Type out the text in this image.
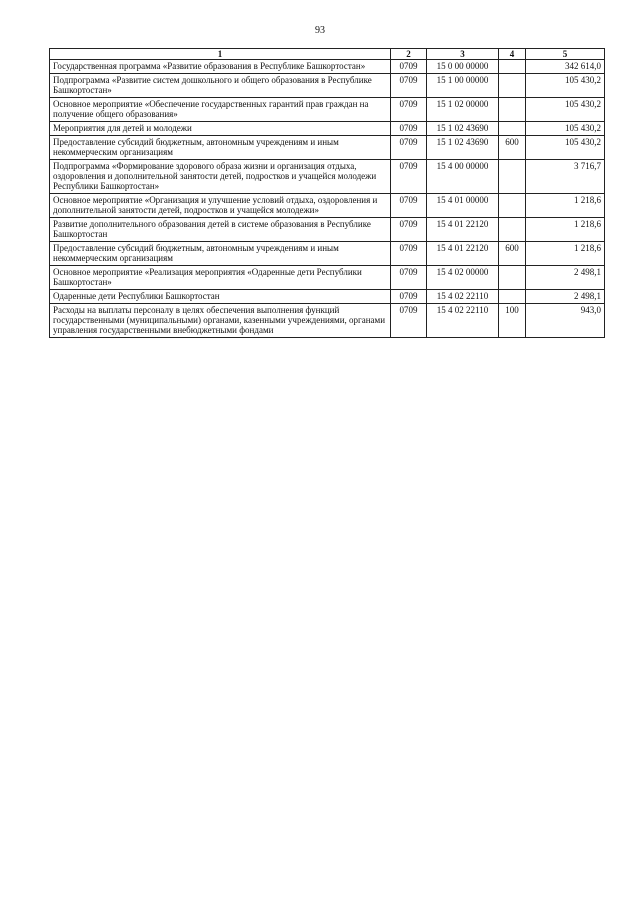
93
1	2	3	4	5
Государственная программа «Развитие образования в Республике Башкортостан»	0709	15 0 00 00000		342 614,0
Подпрограмма «Развитие систем дошкольного и общего образования в Республике Башкортостан»	0709	15 1 00 00000		105 430,2
Основное мероприятие «Обеспечение государственных гарантий прав граждан на получение общего образования»	0709	15 1 02 00000		105 430,2
Мероприятия для детей и молодежи	0709	15 1 02 43690		105 430,2
Предоставление субсидий бюджетным, автономным учреждениям и иным некоммерческим организациям	0709	15 1 02 43690	600	105 430,2
Подпрограмма «Формирование здорового образа жизни и организация отдыха, оздоровления и дополнительной занятости детей, подростков и учащейся молодежи Республики Башкортостан»	0709	15 4 00 00000		3 716,7
Основное мероприятие «Организация и улучшение условий отдыха, оздоровления и дополнительной занятости детей, подростков и учащейся молодежи»	0709	15 4 01 00000		1 218,6
Развитие дополнительного образования детей в системе образования в Республике Башкортостан	0709	15 4 01 22120		1 218,6
Предоставление субсидий бюджетным, автономным учреждениям и иным некоммерческим организациям	0709	15 4 01 22120	600	1 218,6
Основное мероприятие «Реализация мероприятия «Одаренные дети Республики Башкортостан»	0709	15 4 02 00000		2 498,1
Одаренные дети Республики Башкортостан	0709	15 4 02 22110		2 498,1
Расходы на выплаты персоналу в целях обеспечения выполнения функций государственными (муниципальными) органами, казенными учреждениями, органами управления государственными внебюджетными фондами	0709	15 4 02 22110	100	943,0
